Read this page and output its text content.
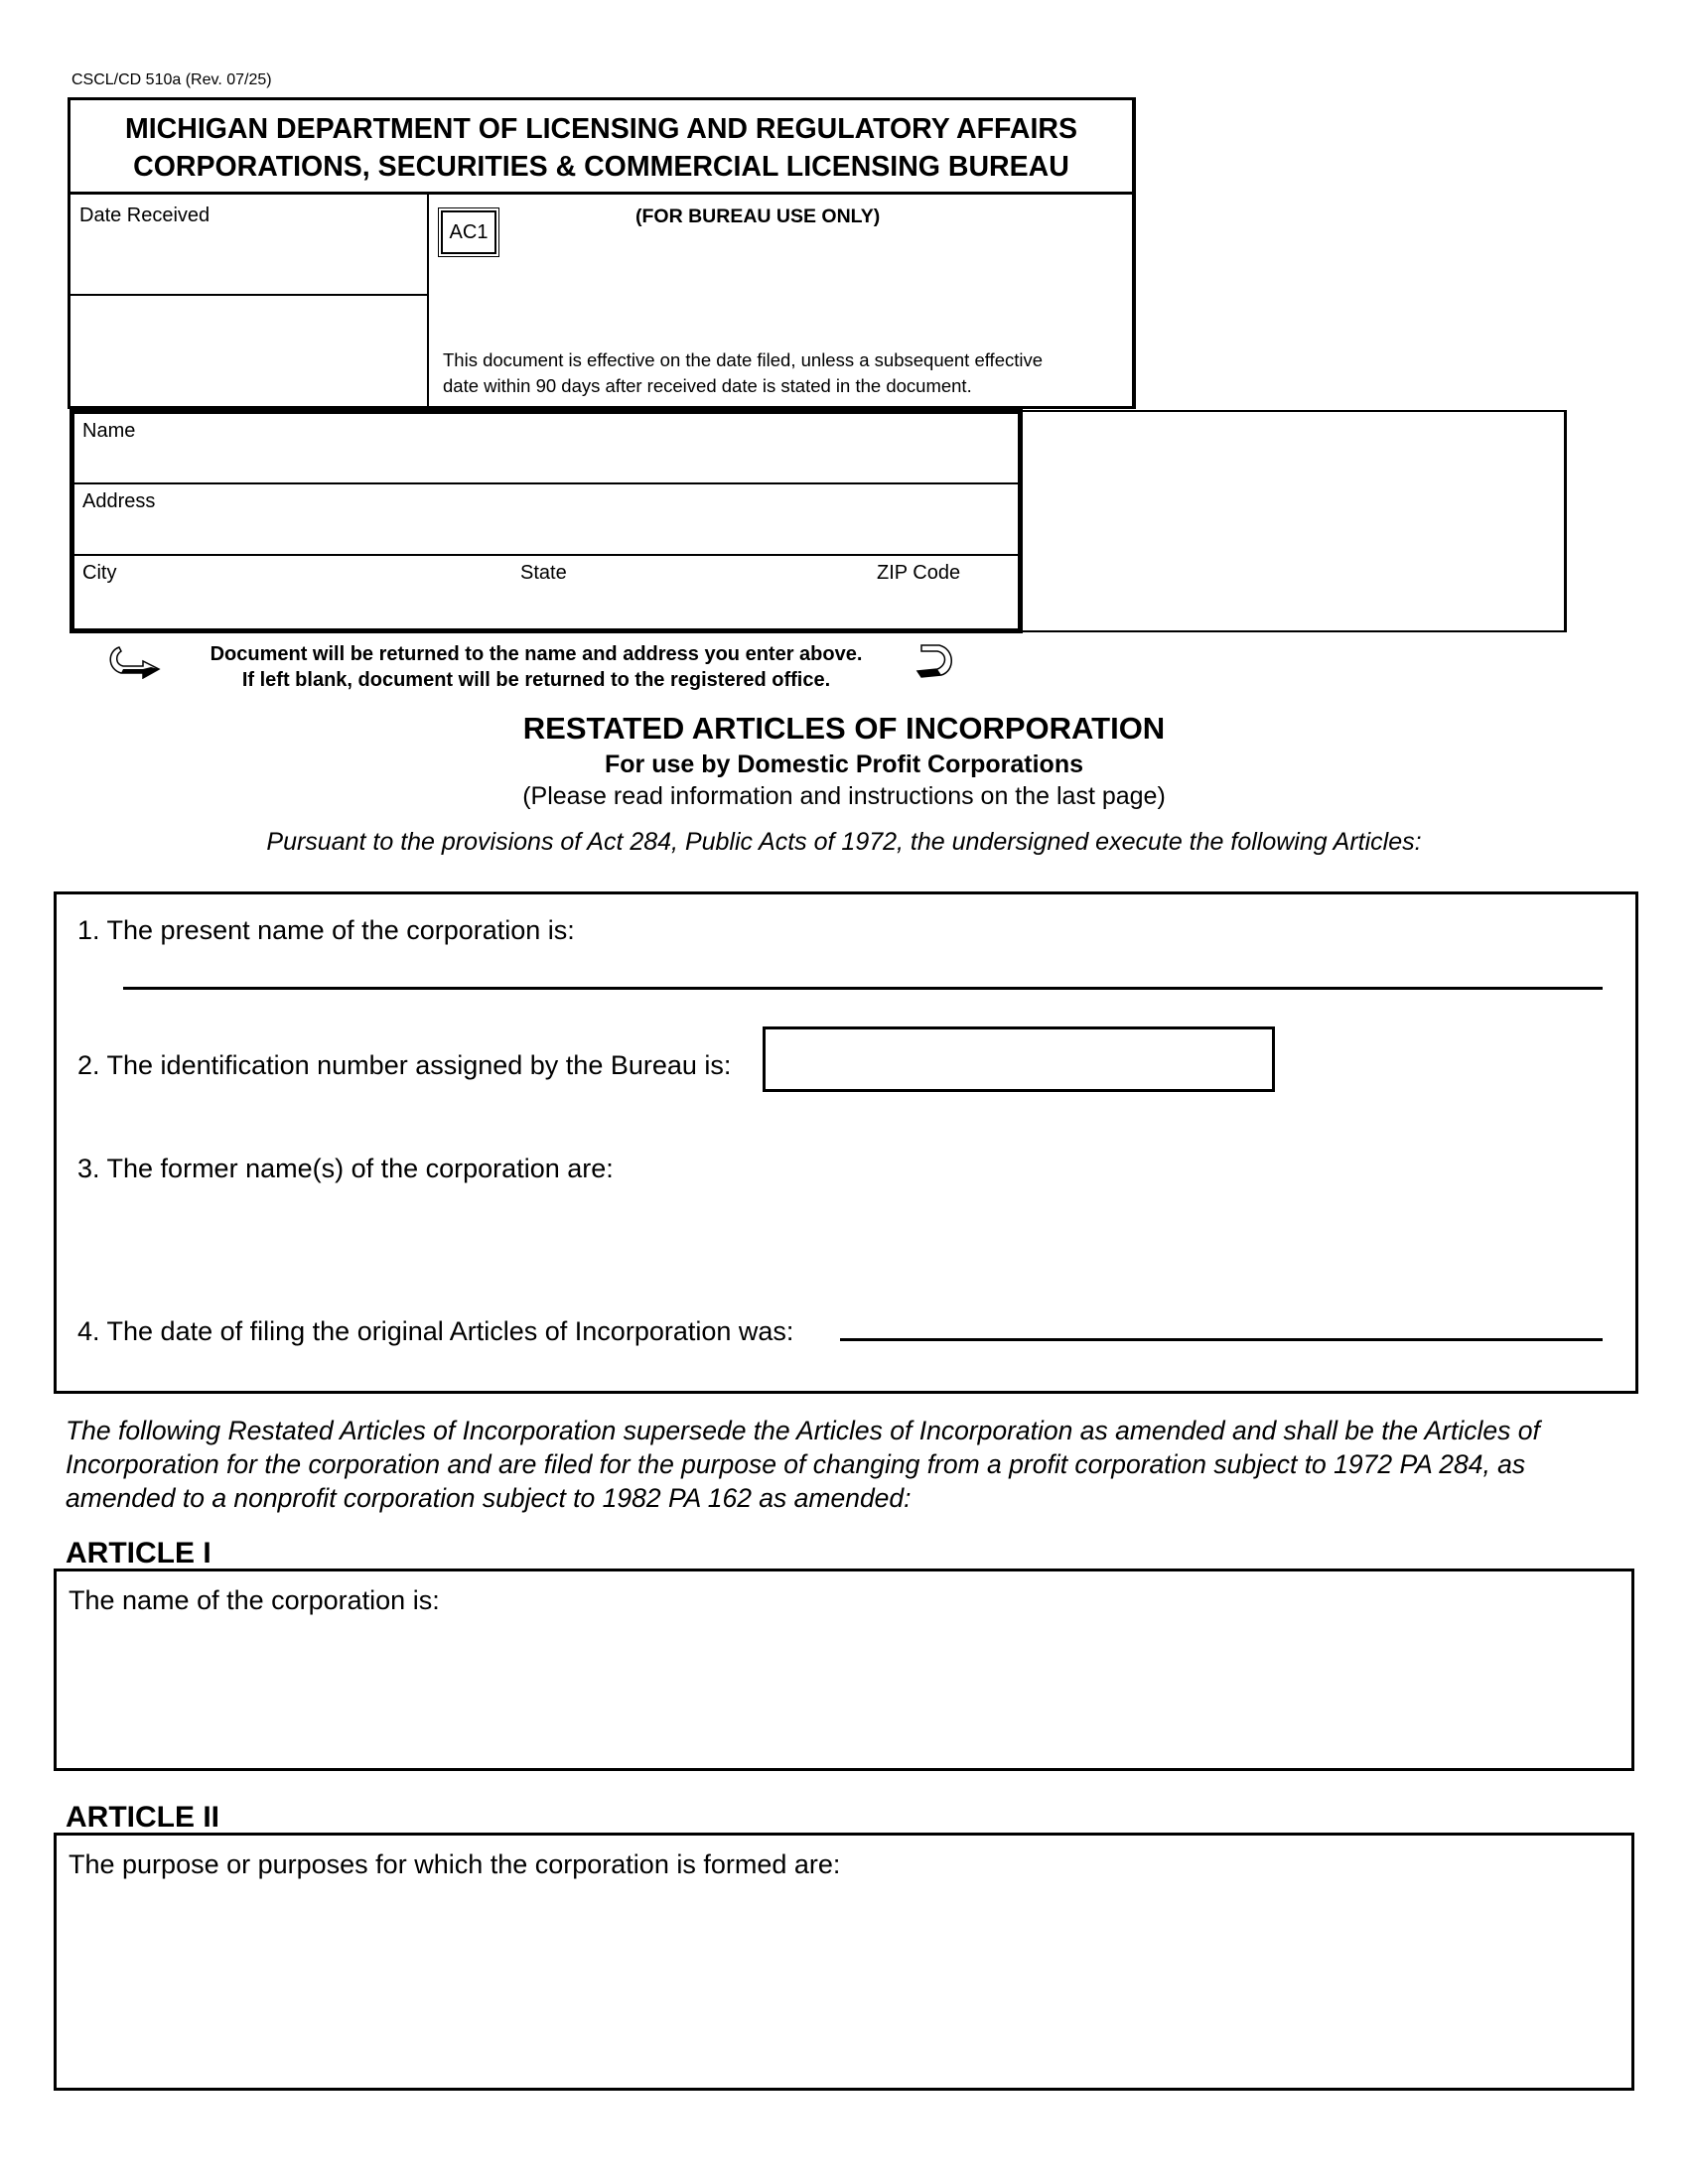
CSCL/CD 510a (Rev. 07/25)
MICHIGAN DEPARTMENT OF LICENSING AND REGULATORY AFFAIRS
CORPORATIONS, SECURITIES & COMMERCIAL LICENSING BUREAU
Date Received
AC1
(FOR BUREAU USE ONLY)
This document is effective on the date filed, unless a subsequent effective
date within 90 days after received date is stated in the document.
Name
Address
City	State	ZIP Code
Document will be returned to the name and address you enter above.
If left blank, document will be returned to the registered office.
RESTATED ARTICLES OF INCORPORATION
For use by Domestic Profit Corporations
(Please read information and instructions on the last page)
Pursuant to the provisions of Act 284, Public Acts of 1972, the undersigned execute the following Articles:
1. The present name of the corporation is:
2. The identification number assigned by the Bureau is:
3. The former name(s) of the corporation are:
4. The date of filing the original Articles of Incorporation was:
The following Restated Articles of Incorporation supersede the Articles of Incorporation as amended and shall be the Articles of Incorporation for the corporation and are filed for the purpose of changing from a profit corporation subject to 1972 PA 284, as amended to a nonprofit corporation subject to 1982 PA 162 as amended:
ARTICLE I
The name of the corporation is:
ARTICLE II
The purpose or purposes for which the corporation is formed are:
